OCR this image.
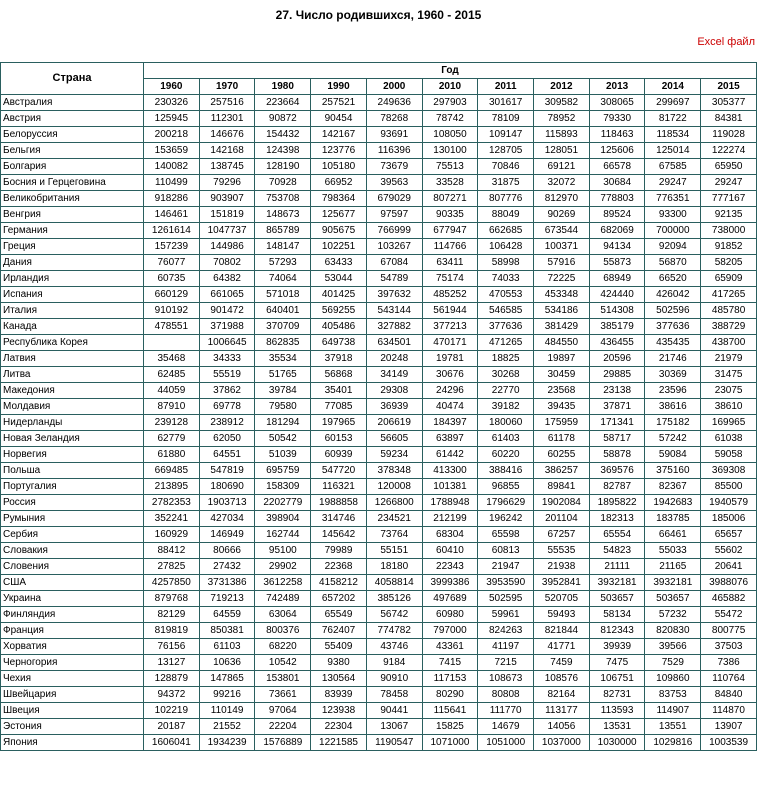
27. Число родившихся, 1960 - 2015
Excel файл
Страна	Год										
	1960	1970	1980	1990	2000	2010	2011	2012	2013	2014	2015
Австралия	230326	257516	223664	257521	249636	297903	301617	309582	308065	299697	305377
Австрия	125945	112301	90872	90454	78268	78742	78109	78952	79330	81722	84381
Белоруссия	200218	146676	154432	142167	93691	108050	109147	115893	118463	118534	119028
Бельгия	153659	142168	124398	123776	116396	130100	128705	128051	125606	125014	122274
Болгария	140082	138745	128190	105180	73679	75513	70846	69121	66578	67585	65950
Босния и Герцеговина	110499	79296	70928	66952	39563	33528	31875	32072	30684	29247	29247
Великобритания	918286	903907	753708	798364	679029	807271	807776	812970	778803	776351	777167
Венгрия	146461	151819	148673	125677	97597	90335	88049	90269	89524	93300	92135
Германия	1261614	1047737	865789	905675	766999	677947	662685	673544	682069	700000	738000
Греция	157239	144986	148147	102251	103267	114766	106428	100371	94134	92094	91852
Дания	76077	70802	57293	63433	67084	63411	58998	57916	55873	56870	58205
Ирландия	60735	64382	74064	53044	54789	75174	74033	72225	68949	66520	65909
Испания	660129	661065	571018	401425	397632	485252	470553	453348	424440	426042	417265
Италия	910192	901472	640401	569255	543144	561944	546585	534186	514308	502596	485780
Канада	478551	371988	370709	405486	327882	377213	377636	381429	385179	377636	388729
Республика Корея		1006645	862835	649738	634501	470171	471265	484550	436455	435435	438700
Латвия	35468	34333	35534	37918	20248	19781	18825	19897	20596	21746	21979
Литва	62485	55519	51765	56868	34149	30676	30268	30459	29885	30369	31475
Македония	44059	37862	39784	35401	29308	24296	22770	23568	23138	23596	23075
Молдавия	87910	69778	79580	77085	36939	40474	39182	39435	37871	38616	38610
Нидерланды	239128	238912	181294	197965	206619	184397	180060	175959	171341	175182	169965
Новая Зеландия	62779	62050	50542	60153	56605	63897	61403	61178	58717	57242	61038
Норвегия	61880	64551	51039	60939	59234	61442	60220	60255	58878	59084	59058
Польша	669485	547819	695759	547720	378348	413300	388416	386257	369576	375160	369308
Португалия	213895	180690	158309	116321	120008	101381	96855	89841	82787	82367	85500
Россия	2782353	1903713	2202779	1988858	1266800	1788948	1796629	1902084	1895822	1942683	1940579
Румыния	352241	427034	398904	314746	234521	212199	196242	201104	182313	183785	185006
Сербия	160929	146949	162744	145642	73764	68304	65598	67257	65554	66461	65657
Словакия	88412	80666	95100	79989	55151	60410	60813	55535	54823	55033	55602
Словения	27825	27432	29902	22368	18180	22343	21947	21938	21111	21165	20641
США	4257850	3731386	3612258	4158212	4058814	3999386	3953590	3952841	3932181	3932181	3988076
Украина	879768	719213	742489	657202	385126	497689	502595	520705	503657	503657	465882
Финляндия	82129	64559	63064	65549	56742	60980	59961	59493	58134	57232	55472
Франция	819819	850381	800376	762407	774782	797000	824263	821844	812343	820830	800775
Хорватия	76156	61103	68220	55409	43746	43361	41197	41771	39939	39566	37503
Черногория	13127	10636	10542	9380	9184	7415	7215	7459	7475	7529	7386
Чехия	128879	147865	153801	130564	90910	117153	108673	108576	106751	109860	110764
Швейцария	94372	99216	73661	83939	78458	80290	80808	82164	82731	83753	84840
Швеция	102219	110149	97064	123938	90441	115641	111770	113177	113593	114907	114870
Эстония	20187	21552	22204	22304	13067	15825	14679	14056	13531	13551	13907
Япония	1606041	1934239	1576889	1221585	1190547	1071000	1051000	1037000	1030000	1029816	1003539
